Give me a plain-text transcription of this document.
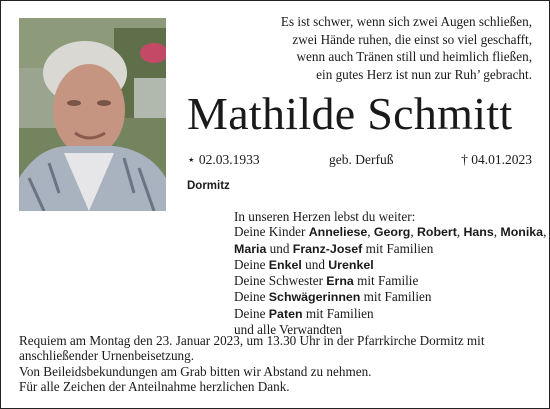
Es ist schwer, wenn sich zwei Augen schließen,
zwei Hände ruhen, die einst so viel geschafft,
wenn auch Tränen still und heimlich fließen,
ein gutes Herz ist nun zur Ruh’ gebracht.
Mathilde Schmitt
⋆ 02.03.1933	geb. Derfuß	† 04.01.2023
Dormitz
In unseren Herzen lebst du weiter:
Deine Kinder Anneliese, Georg, Robert, Hans, Monika,
Maria und Franz-Josef mit Familien
Deine Enkel und Urenkel
Deine Schwester Erna mit Familie
Deine Schwägerinnen mit Familien
Deine Paten mit Familien
und alle Verwandten
Requiem am Montag den 23. Januar 2023, um 13.30 Uhr in der Pfarrkirche Dormitz mit
anschließender Urnenbeisetzung.
Von Beileidsbekundungen am Grab bitten wir Abstand zu nehmen.
Für alle Zeichen der Anteilnahme herzlichen Dank.
